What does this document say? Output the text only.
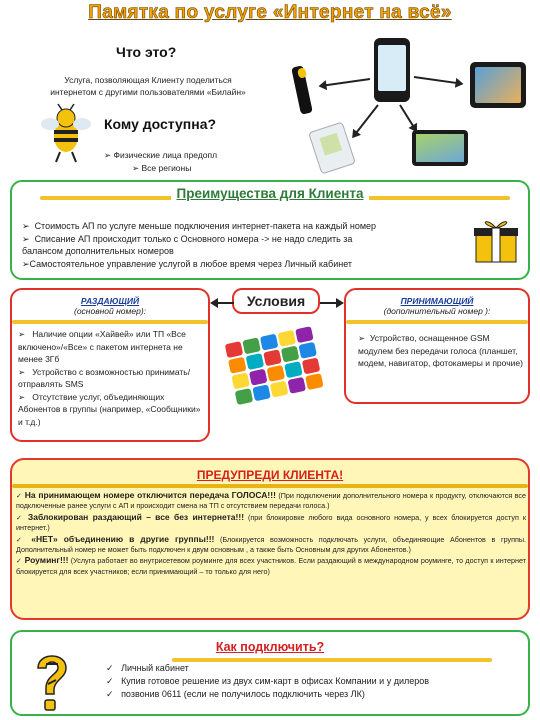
Памятка по услуге «Интернет на всё»
Что это?
Услуга, позволяющая Клиенту поделиться
интернетом с другими пользователями «Билайн»
Кому доступна?
➢ Физические лица предопл
➢ Все регионы
Преимущества для Клиента
➢ Стоимость АП по услуге меньше подключения интернет-пакета на каждый номер
➢ Списание АП происходит только с Основного номера -> не надо следить за
балансом дополнительных номеров
➢Самостоятельное управление услугой в любое время через Личный кабинет
РАЗДАЮЩИЙ
(основной номер):
➢ Наличие опции «Хайвей» или ТП «Все включено»/«Все» с пакетом интернета не менее 3Гб
➢ Устройство с возможностью принимать/отправлять SMS
➢ Отсутствие услуг, объединяющих Абонентов в группы (например, «Сообщники» и т.д.)
Условия	ПРИНИМАЮЩИЙ
(дополнительный номер ):
➢ Устройство, оснащенное GSM модулем без передачи голоса (планшет, модем, навигатор, фотокамеры и прочие)
ПРЕДУПРЕДИ КЛИЕНТА!
✓ На принимающем номере отключится передача ГОЛОСА!!! (При подключении дополнительного номера к продукту, отключаются все подключенные ранее услуги с АП и происходит смена на ТП с отсутствием передачи голоса.)
✓ Заблокирован раздающий – все без интернета!!! (при блокировке любого вида основного номера, у всех блокируется доступ к интернет.)
✓ «НЕТ» объединению в другие группы!!! (Блокируется возможность подключать услуги, объединяющие Абонентов в группы. Дополнительный номер не может быть подключен к двум основным , а также быть Основным для других Абонентов.)
✓ Роуминг!!! (Услуга работает во внутрисетевом роуминге для всех участников. Если раздающий в международном роуминге, то доступ к интернет блокируется для всех участников; если принимающий – то только для него)
Как подключить?
✓ Личный кабинет
✓ Купив готовое решение из двух сим-карт в офисах Компании и у дилеров
✓ позвонив 0611 (если не получилось подключить через ЛК)
